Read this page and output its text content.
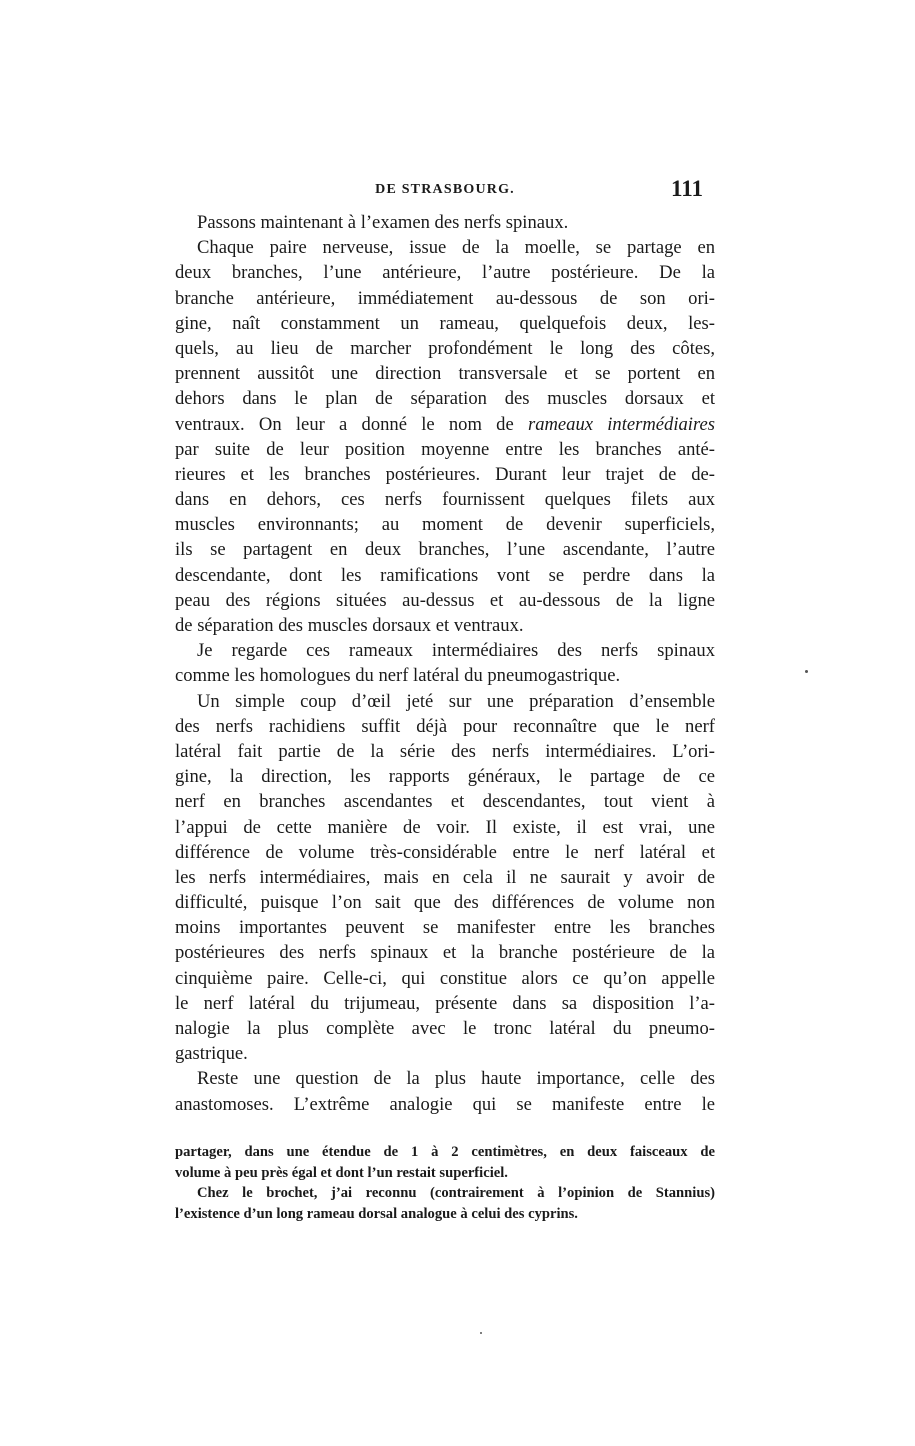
DE STRASBOURG.	111
Passons maintenant à l’examen des nerfs spinaux.
Chaque paire nerveuse, issue de la moelle, se partage en
deux branches, l’une antérieure, l’autre postérieure. De la
branche antérieure, immédiatement au-dessous de son ori-
gine, naît constamment un rameau, quelquefois deux, les-
quels, au lieu de marcher profondément le long des côtes,
prennent aussitôt une direction transversale et se portent en
dehors dans le plan de séparation des muscles dorsaux et
ventraux. On leur a donné le nom de rameaux intermédiaires
par suite de leur position moyenne entre les branches anté-
rieures et les branches postérieures. Durant leur trajet de de-
dans en dehors, ces nerfs fournissent quelques filets aux
muscles environnants; au moment de devenir superficiels,
ils se partagent en deux branches, l’une ascendante, l’autre
descendante, dont les ramifications vont se perdre dans la
peau des régions situées au-dessus et au-dessous de la ligne
de séparation des muscles dorsaux et ventraux.
Je regarde ces rameaux intermédiaires des nerfs spinaux
comme les homologues du nerf latéral du pneumogastrique.
Un simple coup d’œil jeté sur une préparation d’ensemble
des nerfs rachidiens suffit déjà pour reconnaître que le nerf
latéral fait partie de la série des nerfs intermédiaires. L’ori-
gine, la direction, les rapports généraux, le partage de ce
nerf en branches ascendantes et descendantes, tout vient à
l’appui de cette manière de voir. Il existe, il est vrai, une
différence de volume très-considérable entre le nerf latéral et
les nerfs intermédiaires, mais en cela il ne saurait y avoir de
difficulté, puisque l’on sait que des différences de volume non
moins importantes peuvent se manifester entre les branches
postérieures des nerfs spinaux et la branche postérieure de la
cinquième paire. Celle-ci, qui constitue alors ce qu’on appelle
le nerf latéral du trijumeau, présente dans sa disposition l’a-
nalogie la plus complète avec le tronc latéral du pneumo-
gastrique.
Reste une question de la plus haute importance, celle des
anastomoses. L’extrême analogie qui se manifeste entre le
partager, dans une étendue de 1 à 2 centimètres, en deux faisceaux de
volume à peu près égal et dont l’un restait superficiel.
Chez le brochet, j’ai reconnu (contrairement à l’opinion de Stannius)
l’existence d’un long rameau dorsal analogue à celui des cyprins.
